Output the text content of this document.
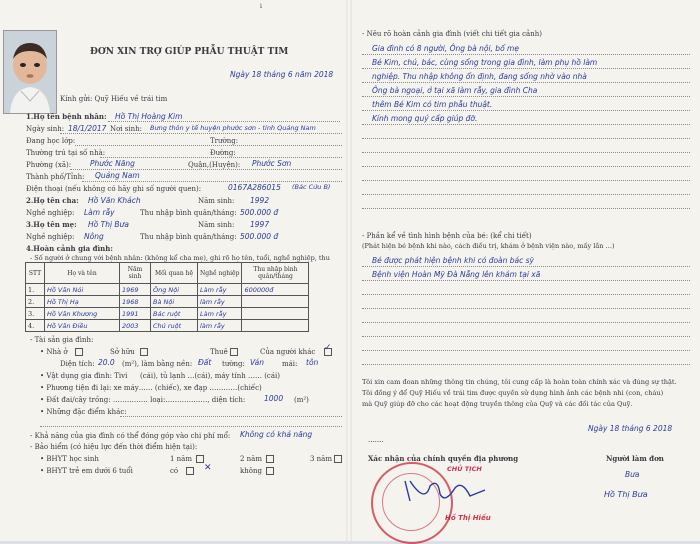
i
ĐƠN XIN TRỢ GIÚP PHẪU THUẬT TIM
Ngày 18 tháng 6 năm 2018
Kính gửi: Quỹ Hiếu về trái tim
1.Họ tên bệnh nhân: Hồ Thị Hoàng Kim
Ngày sinh: 18/1/2017 Nơi sinh: Bưng thôn y tế huyện phước sơn - tỉnh Quảng Nam
Đang học lớp:	Trường:
Thường trú tại số nhà:	Đường:
Phường (xã):	Phước Năng	Quận,(Huyện): Phước Sơn
Thành phố/Tỉnh: Quảng Nam
Điện thoại (nếu không có hãy ghi số người quen):	0167A286015 (Bác Cửu B)
2.Họ tên cha: Hồ Văn Khách	Năm sinh: 1992
Nghề nghiệp: Làm rẫy	Thu nhập bình quân/tháng: 500.000 đ
3.Họ tên mẹ: Hồ Thị Bưa	Năm sinh: 1997
Nghề nghiệp: Nông	Thu nhập bình quân/tháng: 500.000 đ
4.Hoàn cảnh gia đình:
- Số người ở chung với bệnh nhân: (không kể cha mẹ), ghi rõ họ tên, tuổi, nghề nghiệp, thu
STT	Họ và tên	Năm sinh	Mối quan hệ	Nghề nghiệp	Thu nhập bình quân/tháng
1.	Hồ Văn Nói	1969	Ông Nội	Làm rẫy	600000đ
2.	Hồ Thị Hạ	1968	Bà Nội	làm rẫy	
3.	Hồ Văn Khương	1991	Bác ruột	Làm rẫy	
4.	Hồ Văn Điều	2003	Chú ruột	làm rẫy	
- Tài sản gia đình:
• Nhà ở	Sở hữu	Thuê	Của người khác ✓
Diện tích: 20.0 (m²), làm bằng nền: Đất tường: Ván	mái: tôn
• Vật dụng gia đình: Tivi (cái), tủ lạnh …(cái), máy tính …… (cái)
• Phương tiện đi lại: xe máy…… (chiếc), xe đạp …………(chiếc)
• Đất đai/cây trồng: …………… loại:………………, diện tích:	1000 (m²)
• Những đặc điểm khác:
- Khả năng của gia đình có thể đóng góp vào chi phí mổ: Không có khả năng
- Bảo hiểm (có hiệu lực đến thời điểm hiện tại):
• BHYT học sinh	1 năm	2 năm	3 năm
• BHYT trẻ em dưới 6 tuổi	có	✕	không
- Nêu rõ hoàn cảnh gia đình (viết chi tiết gia cảnh)
Gia đình có 8 người, Ông bà nội, bố mẹ
Bé Kim, chú, bác, cùng sống trong gia đình, làm phụ hồ làm
nghiệp. Thu nhập không ổn định, đang sống nhờ vào nhà
Ông bà ngoại, ở tại xã làm rẫy, gia đình Cha
thêm Bé Kim có tim phẫu thuật.
Kính mong quý cấp giúp đỡ.
- Phần kể về tình hình bệnh của bé: (kể chi tiết)
(Phát hiện bé bệnh khi nào, cách điều trị, khám ở bệnh viện nào, mấy lần …)
Bé được phát hiện bệnh khi có đoàn bác sỹ
Bệnh viện Hoàn Mỹ Đà Nẵng lên khám tại xã
Tôi xin cam đoan những thông tin chúng, tôi cung cấp là hoàn toàn chính xác và đúng sự thật.
Tôi đồng ý để Quỹ Hiếu về trái tim được quyền sử dụng hình ảnh các bệnh nhi (con, cháu)
mà Quỹ giúp đỡ cho các hoạt động truyền thông của Quỹ và các đối tác của Quỹ.
Ngày 18 tháng 6 2018
.......
Xác nhận của chính quyền địa phương	Người làm đơn
CHỦ TỊCH
Hồ Thị Hiếu
Bưa
Hồ Thị Bưa
